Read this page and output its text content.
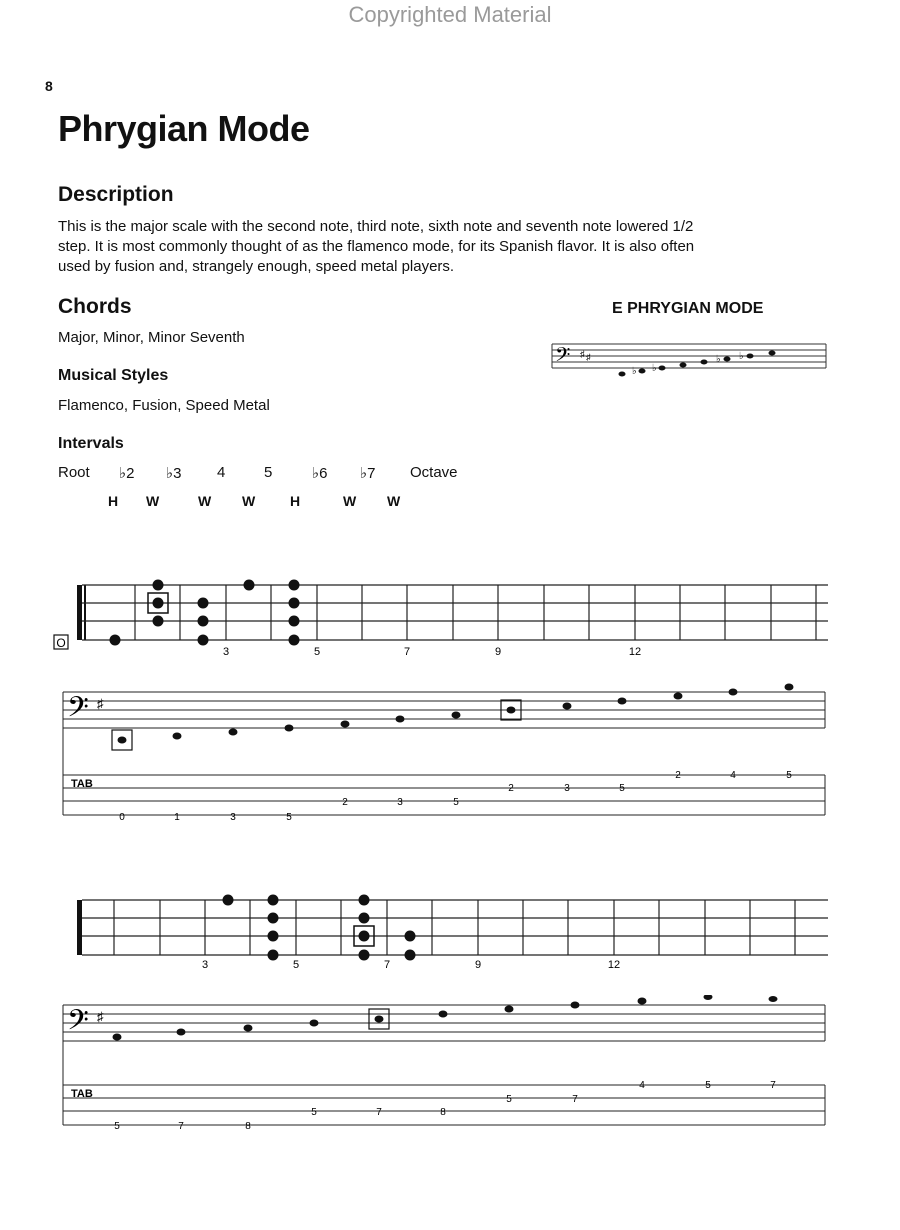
Copyrighted Material
8
Phrygian Mode
Description
This is the major scale with the second note, third note, sixth note and seventh note lowered 1/2
step. It is most commonly thought of as the flamenco mode, for its Spanish flavor. It is also often
used by fusion and, strangely enough, speed metal players.
Chords
Major, Minor, Minor Seventh
Musical Styles
Flamenco, Fusion, Speed Metal
Intervals
Root ♭2 ♭3 4	5	♭6 ♭7 Octave
H W	W W H	W W
E PHRYGIAN MODE
𝄢 ♯ ♯
♭ ♭
♭ ♭
O
3	5	7	9	12
𝄢 ♯
TAB
0	1	3	5
2	3	5
2	3	5
2	4	5
3	5	7	9	12
𝄢 ♯
TAB
5	7	8
5	7	8
5	7
4	5	7
